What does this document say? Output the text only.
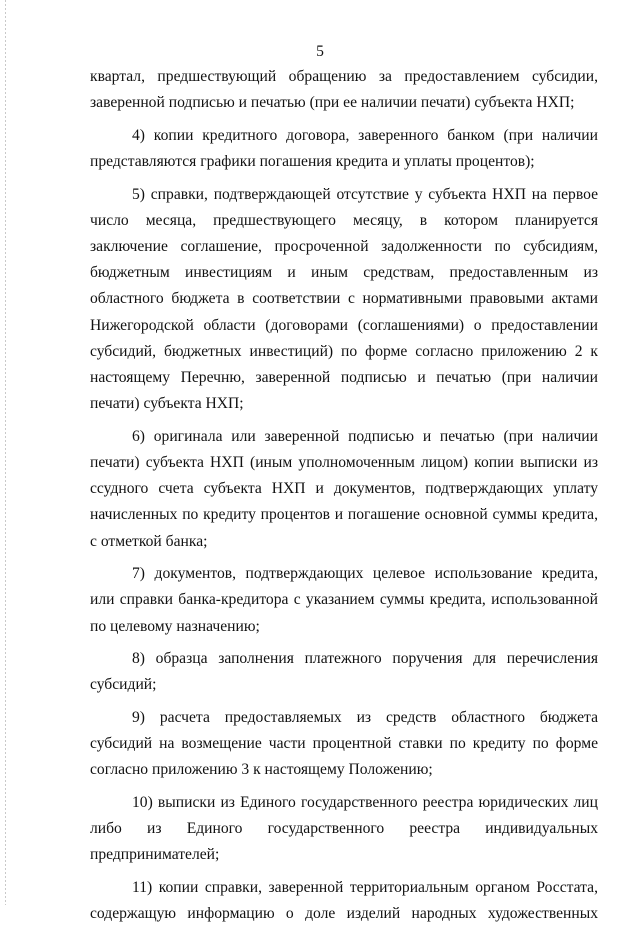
5

квартал, предшествующий обращению за предоставлением субсидии, заверенной подписью и печатью (при ее наличии печати) субъекта НХП;

4) копии кредитного договора, заверенного банком (при наличии представляются графики погашения кредита и уплаты процентов);

5) справки, подтверждающей отсутствие у субъекта НХП на первое число месяца, предшествующего месяцу, в котором планируется заключение соглашение, просроченной задолженности по субсидиям, бюджетным инвестициям и иным средствам, предоставленным из областного бюджета в соответствии с нормативными правовыми актами Нижегородской области (договорами (соглашениями) о предоставлении субсидий, бюджетных инвестиций) по форме согласно приложению 2 к настоящему Перечню, заверенной подписью и печатью (при наличии печати) субъекта НХП;

6) оригинала или заверенной подписью и печатью (при наличии печати) субъекта НХП (иным уполномоченным лицом) копии выписки из ссудного счета субъекта НХП и документов, подтверждающих уплату начисленных по кредиту процентов и погашение основной суммы кредита, с отметкой банка;

7) документов, подтверждающих целевое использование кредита, или справки банка-кредитора с указанием суммы кредита, использованной по целевому назначению;

8) образца заполнения платежного поручения для перечисления субсидий;

9) расчета предоставляемых из средств областного бюджета субсидий на возмещение части процентной ставки по кредиту по форме согласно приложению 3 к настоящему Положению;

10) выписки из Единого государственного реестра юридических лиц либо из Единого государственного реестра индивидуальных предпринимателей;

11) копии справки, заверенной территориальным органом Росстата, содержащую информацию о доле изделий народных художественных
